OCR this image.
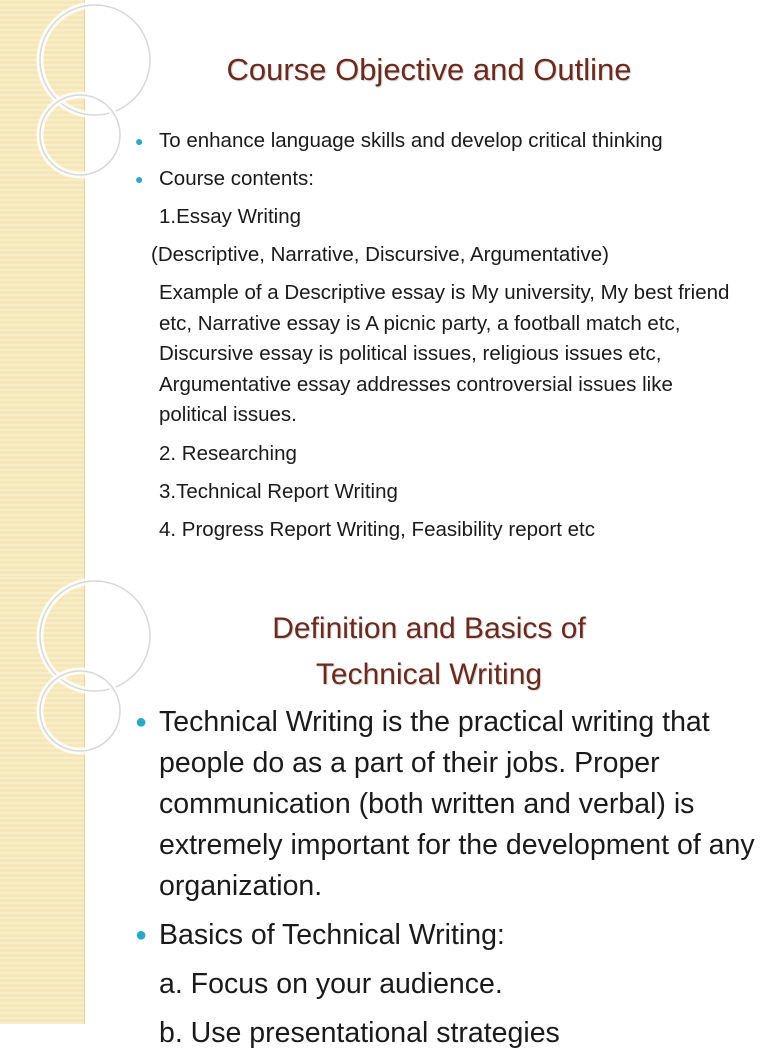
Course Objective and Outline
● To enhance language skills and develop critical thinking
● Course contents:
1.Essay Writing
(Descriptive, Narrative, Discursive, Argumentative)
Example of a Descriptive essay is My university, My best friend etc, Narrative essay is A picnic party, a football match etc, Discursive essay is political issues, religious issues etc, Argumentative essay addresses controversial issues like political issues.
2. Researching
3.Technical Report Writing
4. Progress Report Writing, Feasibility report etc
Definition and Basics of
Technical Writing
● Technical Writing is the practical writing that people do as a part of their jobs. Proper communication (both written and verbal) is extremely important for the development of any organization.
● Basics of Technical Writing:
a. Focus on your audience.
b. Use presentational strategies
